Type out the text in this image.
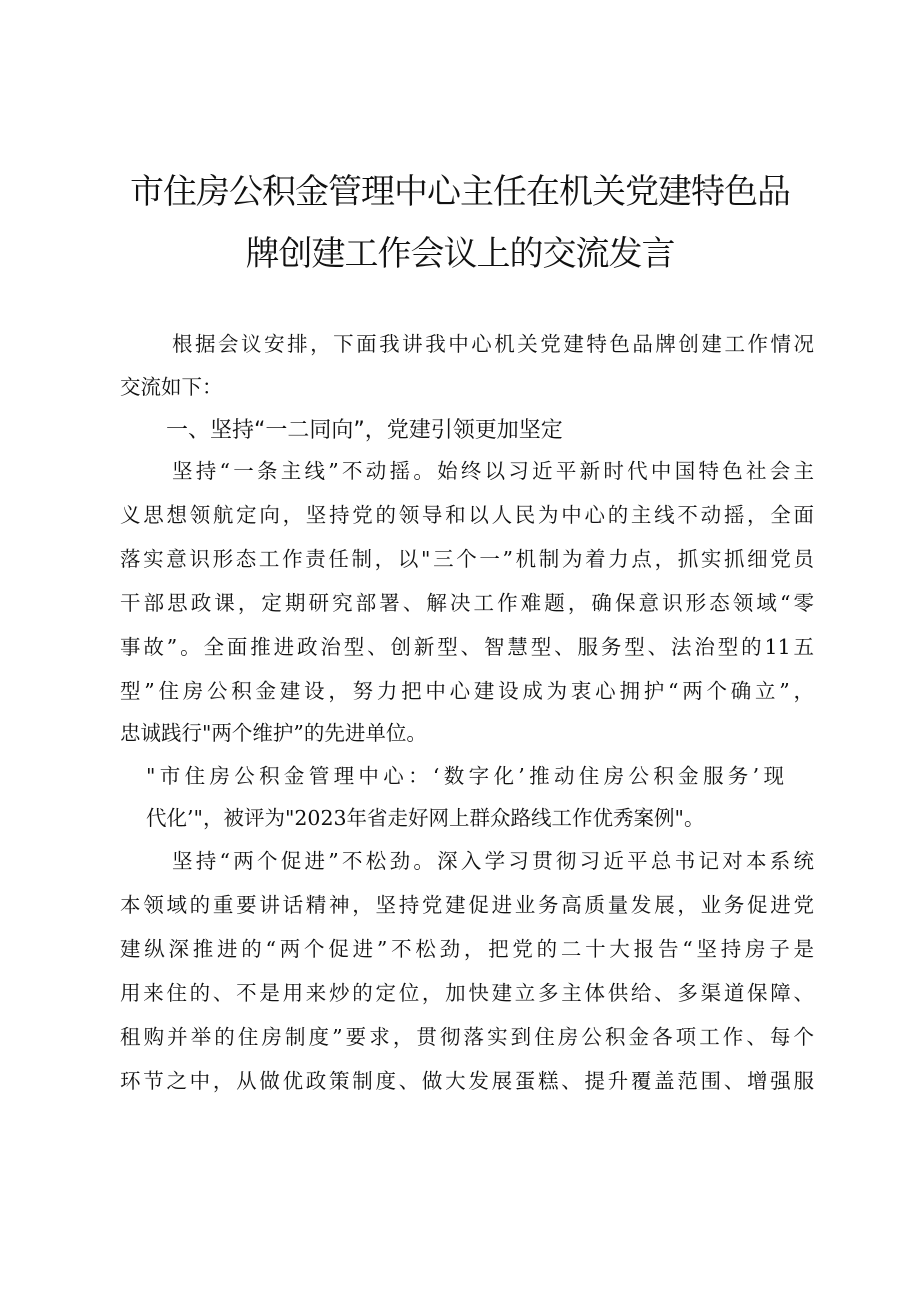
市住房公积金管理中心主任在机关党建特色品
牌创建工作会议上的交流发言
根据会议安排，下面我讲我中心机关党建特色品牌创建工作情况
交流如下：
一、坚持“一二同向”，党建引领更加坚定
坚持“一条主线”不动摇。始终以习近平新时代中国特色社会主
义思想领航定向，坚持党的领导和以人民为中心的主线不动摇，全面
落实意识形态工作责任制，以"三个一”机制为着力点，抓实抓细党员
干部思政课，定期研究部署、解决工作难题，确保意识形态领域“零
事故”。全面推进政治型、创新型、智慧型、服务型、法治型的11五
型”住房公积金建设，努力把中心建设成为衷心拥护“两个确立”，
忠诚践行"两个维护”的先进单位。
"市住房公积金管理中心：‘数字化’推动住房公积金服务’现
代化’"，被评为"2023年省走好网上群众路线工作优秀案例"。
坚持“两个促进”不松劲。深入学习贯彻习近平总书记对本系统
本领域的重要讲话精神，坚持党建促进业务高质量发展，业务促进党
建纵深推进的“两个促进”不松劲，把党的二十大报告“坚持房子是
用来住的、不是用来炒的定位，加快建立多主体供给、多渠道保障、
租购并举的住房制度”要求，贯彻落实到住房公积金各项工作、每个
环节之中，从做优政策制度、做大发展蛋糕、提升覆盖范围、增强服
